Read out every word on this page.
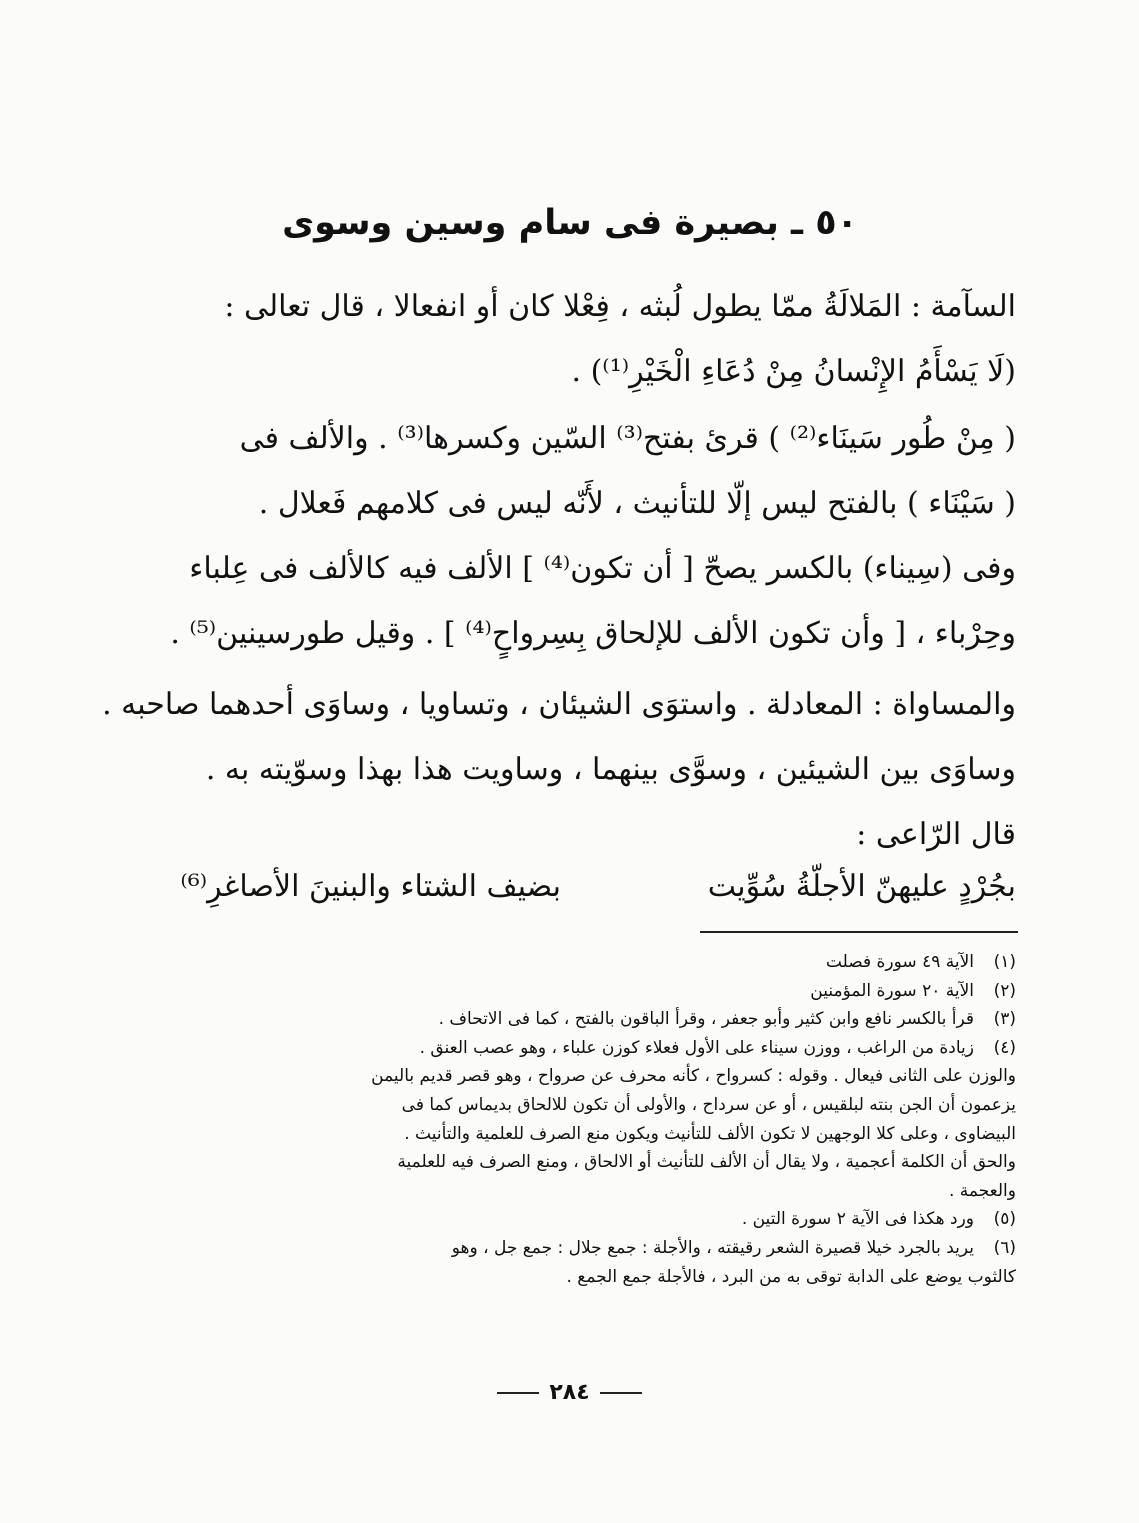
٥٠ ـ بصيرة فى سام وسين وسوى
السآمة : المَلالَةُ ممّا يطول لُبثه ، فِعْلا كان أو انفعالا ، قال تعالى :
(لَا يَسْأَمُ الإِنْسانُ مِنْ دُعَاءِ الْخَيْرِ⁽¹⁾) .
( مِنْ طُور سَينَاء⁽²⁾ ) قرئ بفتح⁽³⁾ السّين وكسرها⁽³⁾ . والألف فى
( سَيْنَاء ) بالفتح ليس إلّا للتأنيث ، لأَنّه ليس فى كلامهم فَعلال .
وفى (سِيناء) بالكسر يصحّ [ أن تكون⁽⁴⁾ ] الألف فيه كالألف فى عِلباء
وحِرْباء ، [ وأن تكون الألف للإلحاق بِسِرواحٍ⁽⁴⁾ ] . وقيل طورسينين⁽⁵⁾ .
والمساواة : المعادلة . واستوَى الشيئان ، وتساويا ، وساوَى أحدهما صاحبه .
وساوَى بين الشيئين ، وسوَّى بينهما ، وساويت هذا بهذا وسوّيته به .
قال الرّاعى :
بجُرْدٍ عليهنّ الأجلّةُ سُوِّيت
بضيف الشتاء والبنينَ الأصاغرِ⁽⁶⁾
(١)الآية ٤٩ سورة فصلت
(٢)الآية ٢٠ سورة المؤمنين
(٣)قرأ بالكسر نافع وابن كثير وأبو جعفر ، وقرأ الباقون بالفتح ، كما فى الاتحاف .
(٤)زيادة من الراغب ، ووزن سيناء على الأول فعلاء كوزن علباء ، وهو عصب العنق .
والوزن على الثانى فيعال . وقوله : كسرواح ، كأنه محرف عن صرواح ، وهو قصر قديم باليمن
يزعمون أن الجن بنته لبلقيس ، أو عن سرداح ، والأولى أن تكون للالحاق بديماس كما فى
البيضاوى ، وعلى كلا الوجهين لا تكون الألف للتأنيث ويكون منع الصرف للعلمية والتأنيث .
والحق أن الكلمة أعجمية ، ولا يقال أن الألف للتأنيث أو الالحاق ، ومنع الصرف فيه للعلمية
والعجمة .
(٥)ورد هكذا فى الآية ٢ سورة التين .
(٦)يريد بالجرد خيلا قصيرة الشعر رقيقته ، والأجلة : جمع جلال : جمع جل ، وهو
كالثوب يوضع على الدابة توقى به من البرد ، فالأجلة جمع الجمع .
٢٨٤
